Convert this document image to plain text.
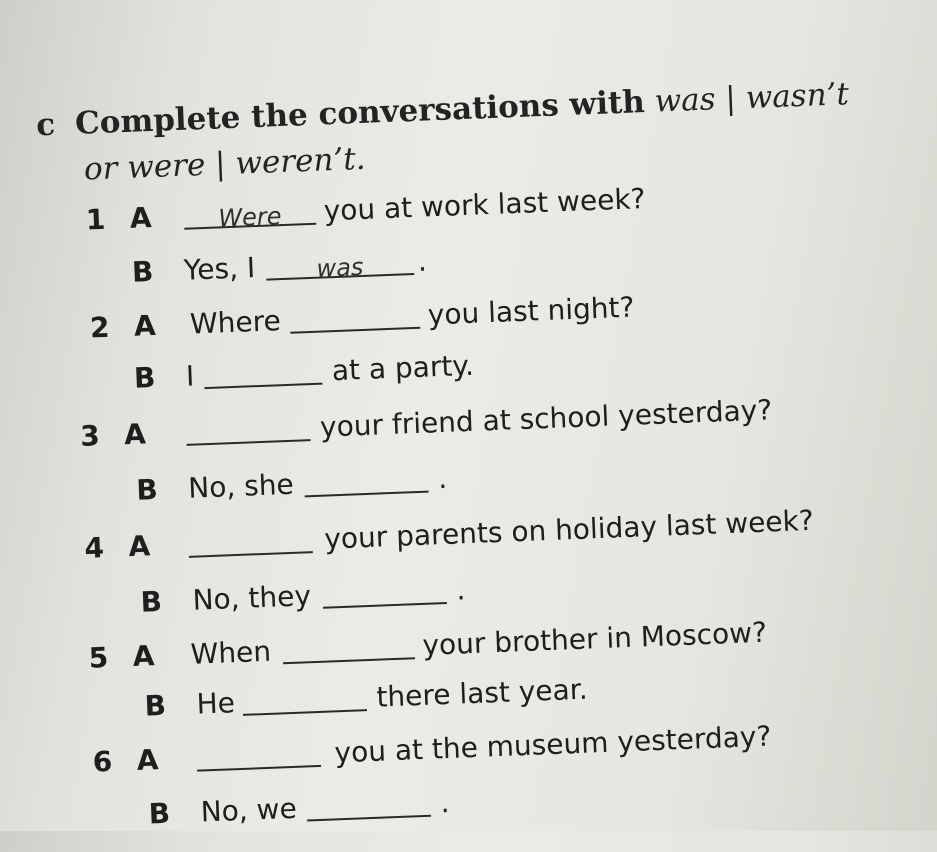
c Complete the conversations with was | wasn’t
or were | weren’t.
1 A	Were	you at work last week?
B Yes, I	was	.
2 A Where	you last night?
B I	at a party.
3 A	your friend at school yesterday?
B No, she	.
4 A	your parents on holiday last week?
B No, they	.
5 A When	your brother in Moscow?
B He	there last year.
6 A	you at the museum yesterday?
B No, we	.
